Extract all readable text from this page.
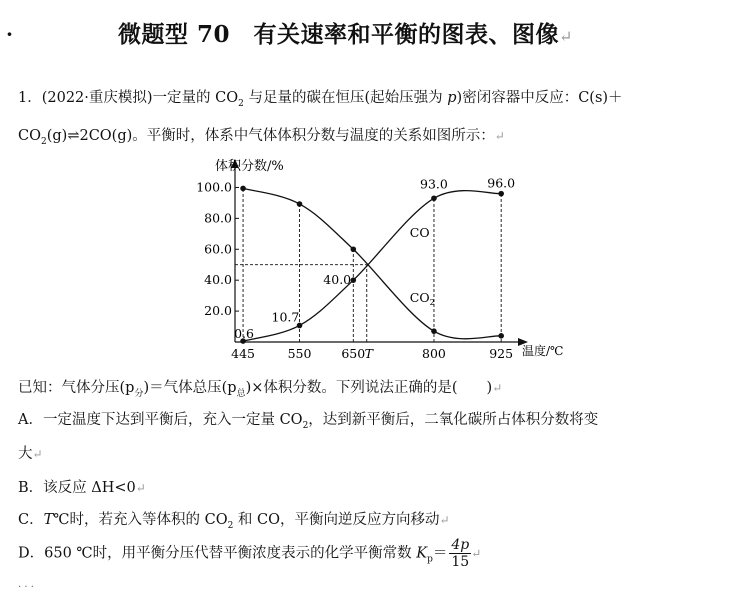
·	微题型 70　有关速率和平衡的图表、图像↵
1．(2022·重庆模拟)一定量的 $CO_2$ 与足量的碳在恒压(起始压强为 p)密闭容器中反应：C(s)＋
$CO_2(g)\rightleftharpoons 2CO(g)$。平衡时，体系中气体体积分数与温度的关系如图所示：↵
体积分数/%
温度/℃
100.0
80.0
60.0
40.0
20.0
445	550 650 T	800	925
0.6
10.7
40.0
93.0	96.0
CO
$CO_2$
已知：气体分压$(p_分)=$气体总压$(p_总)\times$体积分数。下列说法正确的是(　　)↵
A．一定温度下达到平衡后，充入一定量 $CO_2$，达到新平衡后，二氧化碳所占体积分数将变
大↵
B．该反应 ΔH<0↵
C．T℃时，若充入等体积的 $CO_2$ 和 CO，平衡向逆反应方向移动↵
D．650 ℃时，用平衡分压代替平衡浓度表示的化学平衡常数 $K_p= \frac{4p}{15}$ ↵
· · ·
